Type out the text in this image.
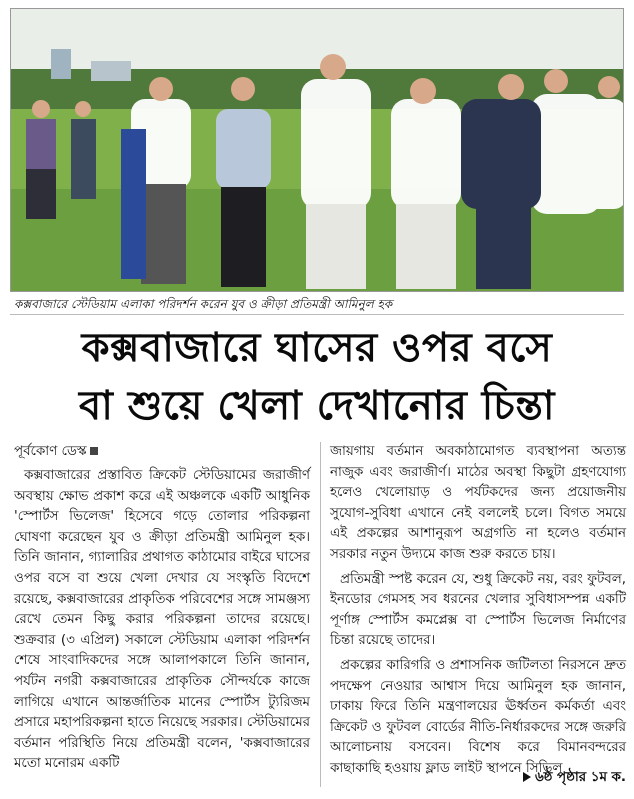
কক্সবাজারে স্টেডিয়াম এলাকা পরিদর্শন করেন যুব ও ক্রীড়া প্রতিমন্ত্রী আমিনুল হক
কক্সবাজারে ঘাসের ওপর বসে
বা শুয়ে খেলা দেখানোর চিন্তা
পূর্বকোণ ডেস্ক

কক্সবাজারের প্রস্তাবিত ক্রিকেট স্টেডিয়ামের জরাজীর্ণ অবস্থায় ক্ষোভ প্রকাশ করে এই অঞ্চলকে একটি আধুনিক 'স্পোর্টস ভিলেজ' হিসেবে গড়ে তোলার পরিকল্পনা ঘোষণা করেছেন যুব ও ক্রীড়া প্রতিমন্ত্রী আমিনুল হক। তিনি জানান, গ্যালারির প্রথাগত কাঠামোর বাইরে ঘাসের ওপর বসে বা শুয়ে খেলা দেখার যে সংস্কৃতি বিদেশে রয়েছে, কক্সবাজারের প্রাকৃতিক পরিবেশের সঙ্গে সামঞ্জস্য রেখে তেমন কিছু করার পরিকল্পনা তাদের রয়েছে। শুক্রবার (৩ এপ্রিল) সকালে স্টেডিয়াম এলাকা পরিদর্শন শেষে সাংবাদিকদের সঙ্গে আলাপকালে তিনি জানান, পর্যটন নগরী কক্সবাজারের প্রাকৃতিক সৌন্দর্যকে কাজে লাগিয়ে এখানে আন্তর্জাতিক মানের স্পোর্টস ট্যুরিজম প্রসারে মহাপরিকল্পনা হাতে নিয়েছে সরকার। স্টেডিয়ামের বর্তমান পরিস্থিতি নিয়ে প্রতিমন্ত্রী বলেন, 'কক্সবাজারের মতো মনোরম একটি

জায়গায় বর্তমান অবকাঠামোগত ব্যবস্থাপনা অত্যন্ত নাজুক এবং জরাজীর্ণ। মাঠের অবস্থা কিছুটা গ্রহণযোগ্য হলেও খেলোয়াড় ও পর্যটকদের জন্য প্রয়োজনীয় সুযোগ-সুবিধা এখানে নেই বললেই চলে। বিগত সময়ে এই প্রকল্পের আশানুরূপ অগ্রগতি না হলেও বর্তমান সরকার নতুন উদ্যমে কাজ শুরু করতে চায়।

প্রতিমন্ত্রী স্পষ্ট করেন যে, শুধু ক্রিকেট নয়, বরং ফুটবল, ইনডোর গেমসহ সব ধরনের খেলার সুবিধাসম্পন্ন একটি পূর্ণাঙ্গ স্পোর্টস কমপ্লেক্স বা স্পোর্টস ভিলেজ নির্মাণের চিন্তা রয়েছে তাদের।

প্রকল্পের কারিগরি ও প্রশাসনিক জটিলতা নিরসনে দ্রুত পদক্ষেপ নেওয়ার আশ্বাস দিয়ে আমিনুল হক জানান, ঢাকায় ফিরে তিনি মন্ত্রণালয়ের ঊর্ধ্বতন কর্মকর্তা এবং ক্রিকেট ও ফুটবল বোর্ডের নীতি-নির্ধারকদের সঙ্গে জরুরি আলোচনায় বসবেন। বিশেষ করে বিমানবন্দরের কাছাকাছি হওয়ায় ফ্লাড লাইট স্থাপনে সিভিল

৬ষ্ঠ পৃষ্ঠার ১ম ক.
